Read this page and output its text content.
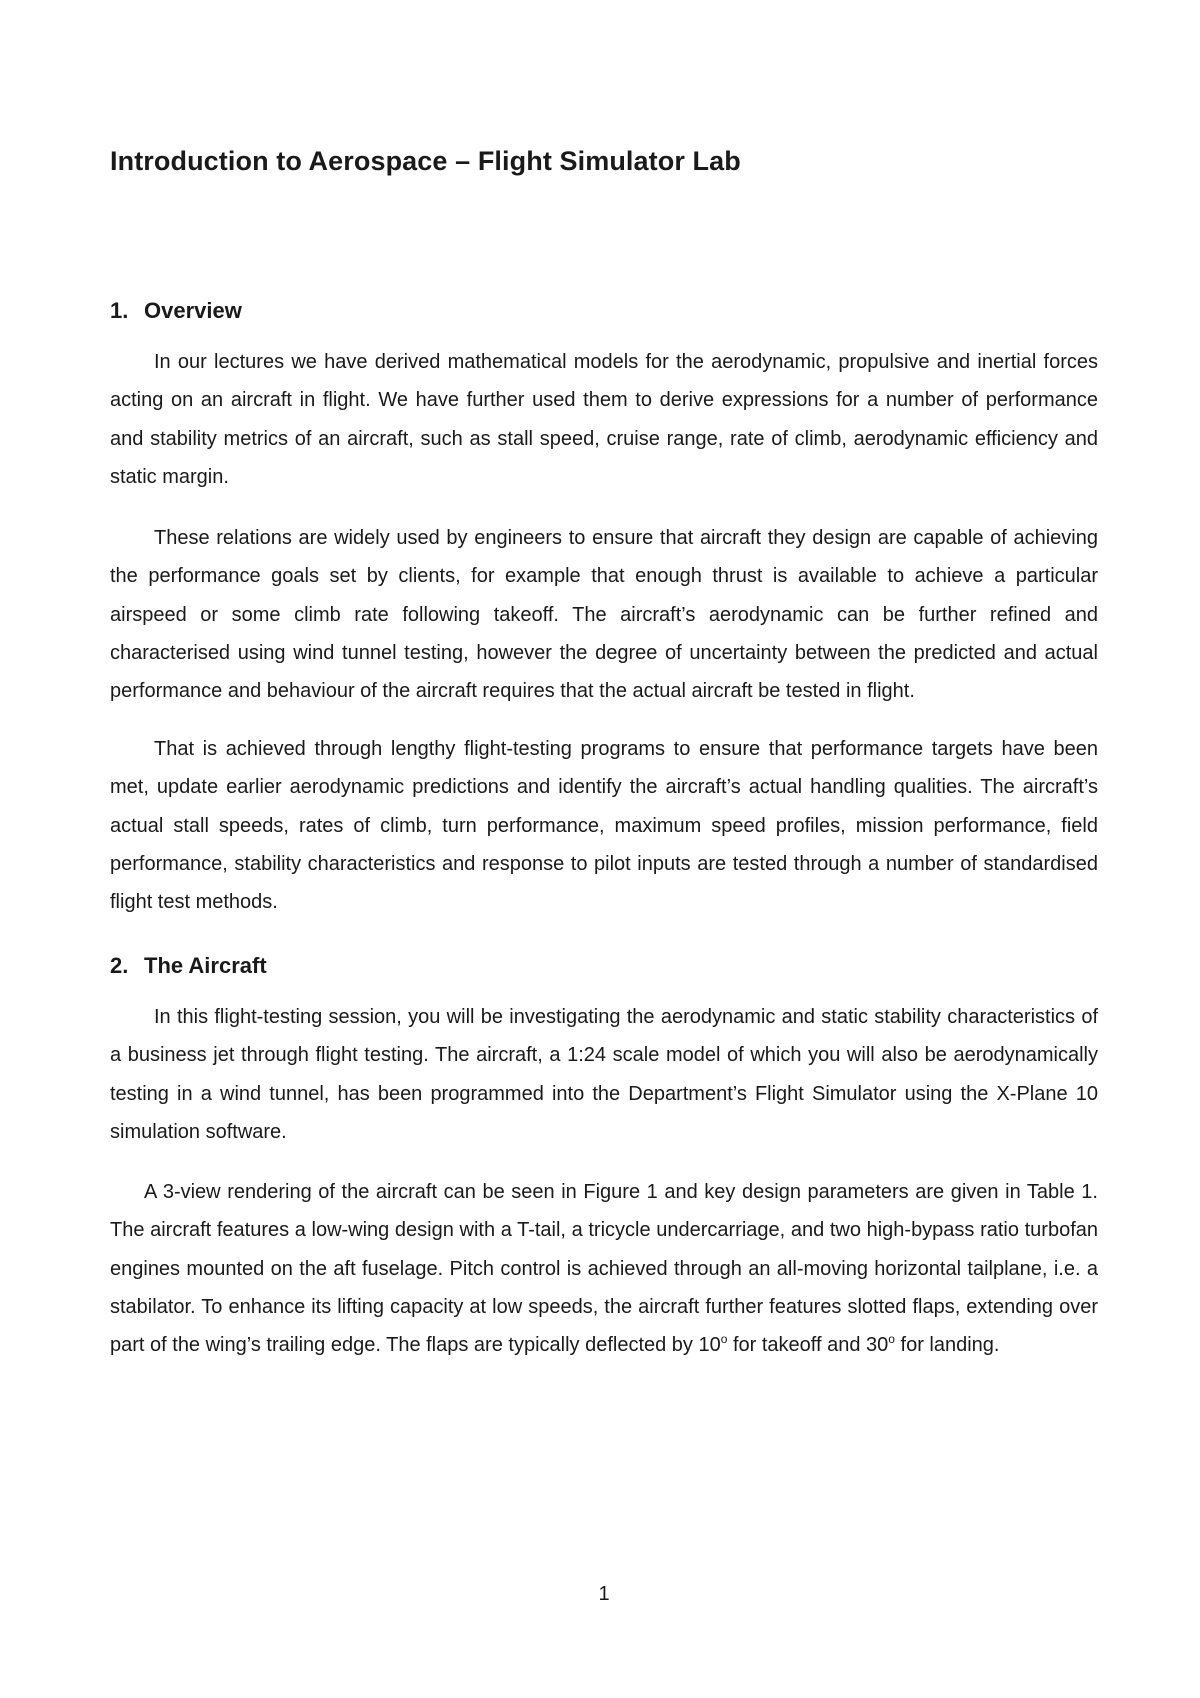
Introduction to Aerospace – Flight Simulator Lab
1. Overview

In our lectures we have derived mathematical models for the aerodynamic, propulsive and inertial forces acting on an aircraft in flight. We have further used them to derive expressions for a number of performance and stability metrics of an aircraft, such as stall speed, cruise range, rate of climb, aerodynamic efficiency and static margin.

These relations are widely used by engineers to ensure that aircraft they design are capable of achieving the performance goals set by clients, for example that enough thrust is available to achieve a particular airspeed or some climb rate following takeoff. The aircraft’s aerodynamic can be further refined and characterised using wind tunnel testing, however the degree of uncertainty between the predicted and actual performance and behaviour of the aircraft requires that the actual aircraft be tested in flight.

That is achieved through lengthy flight-testing programs to ensure that performance targets have been met, update earlier aerodynamic predictions and identify the aircraft’s actual handling qualities. The aircraft’s actual stall speeds, rates of climb, turn performance, maximum speed profiles, mission performance, field performance, stability characteristics and response to pilot inputs are tested through a number of standardised flight test methods.

2. The Aircraft

In this flight-testing session, you will be investigating the aerodynamic and static stability characteristics of a business jet through flight testing. The aircraft, a 1:24 scale model of which you will also be aerodynamically testing in a wind tunnel, has been programmed into the Department’s Flight Simulator using the X-Plane 10 simulation software.

A 3-view rendering of the aircraft can be seen in Figure 1 and key design parameters are given in Table 1. The aircraft features a low-wing design with a T-tail, a tricycle undercarriage, and two high-bypass ratio turbofan engines mounted on the aft fuselage. Pitch control is achieved through an all-moving horizontal tailplane, i.e. a stabilator. To enhance its lifting capacity at low speeds, the aircraft further features slotted flaps, extending over part of the wing’s trailing edge. The flaps are typically deflected by 10$^o$ for takeoff and 30$^o$ for landing.

1
